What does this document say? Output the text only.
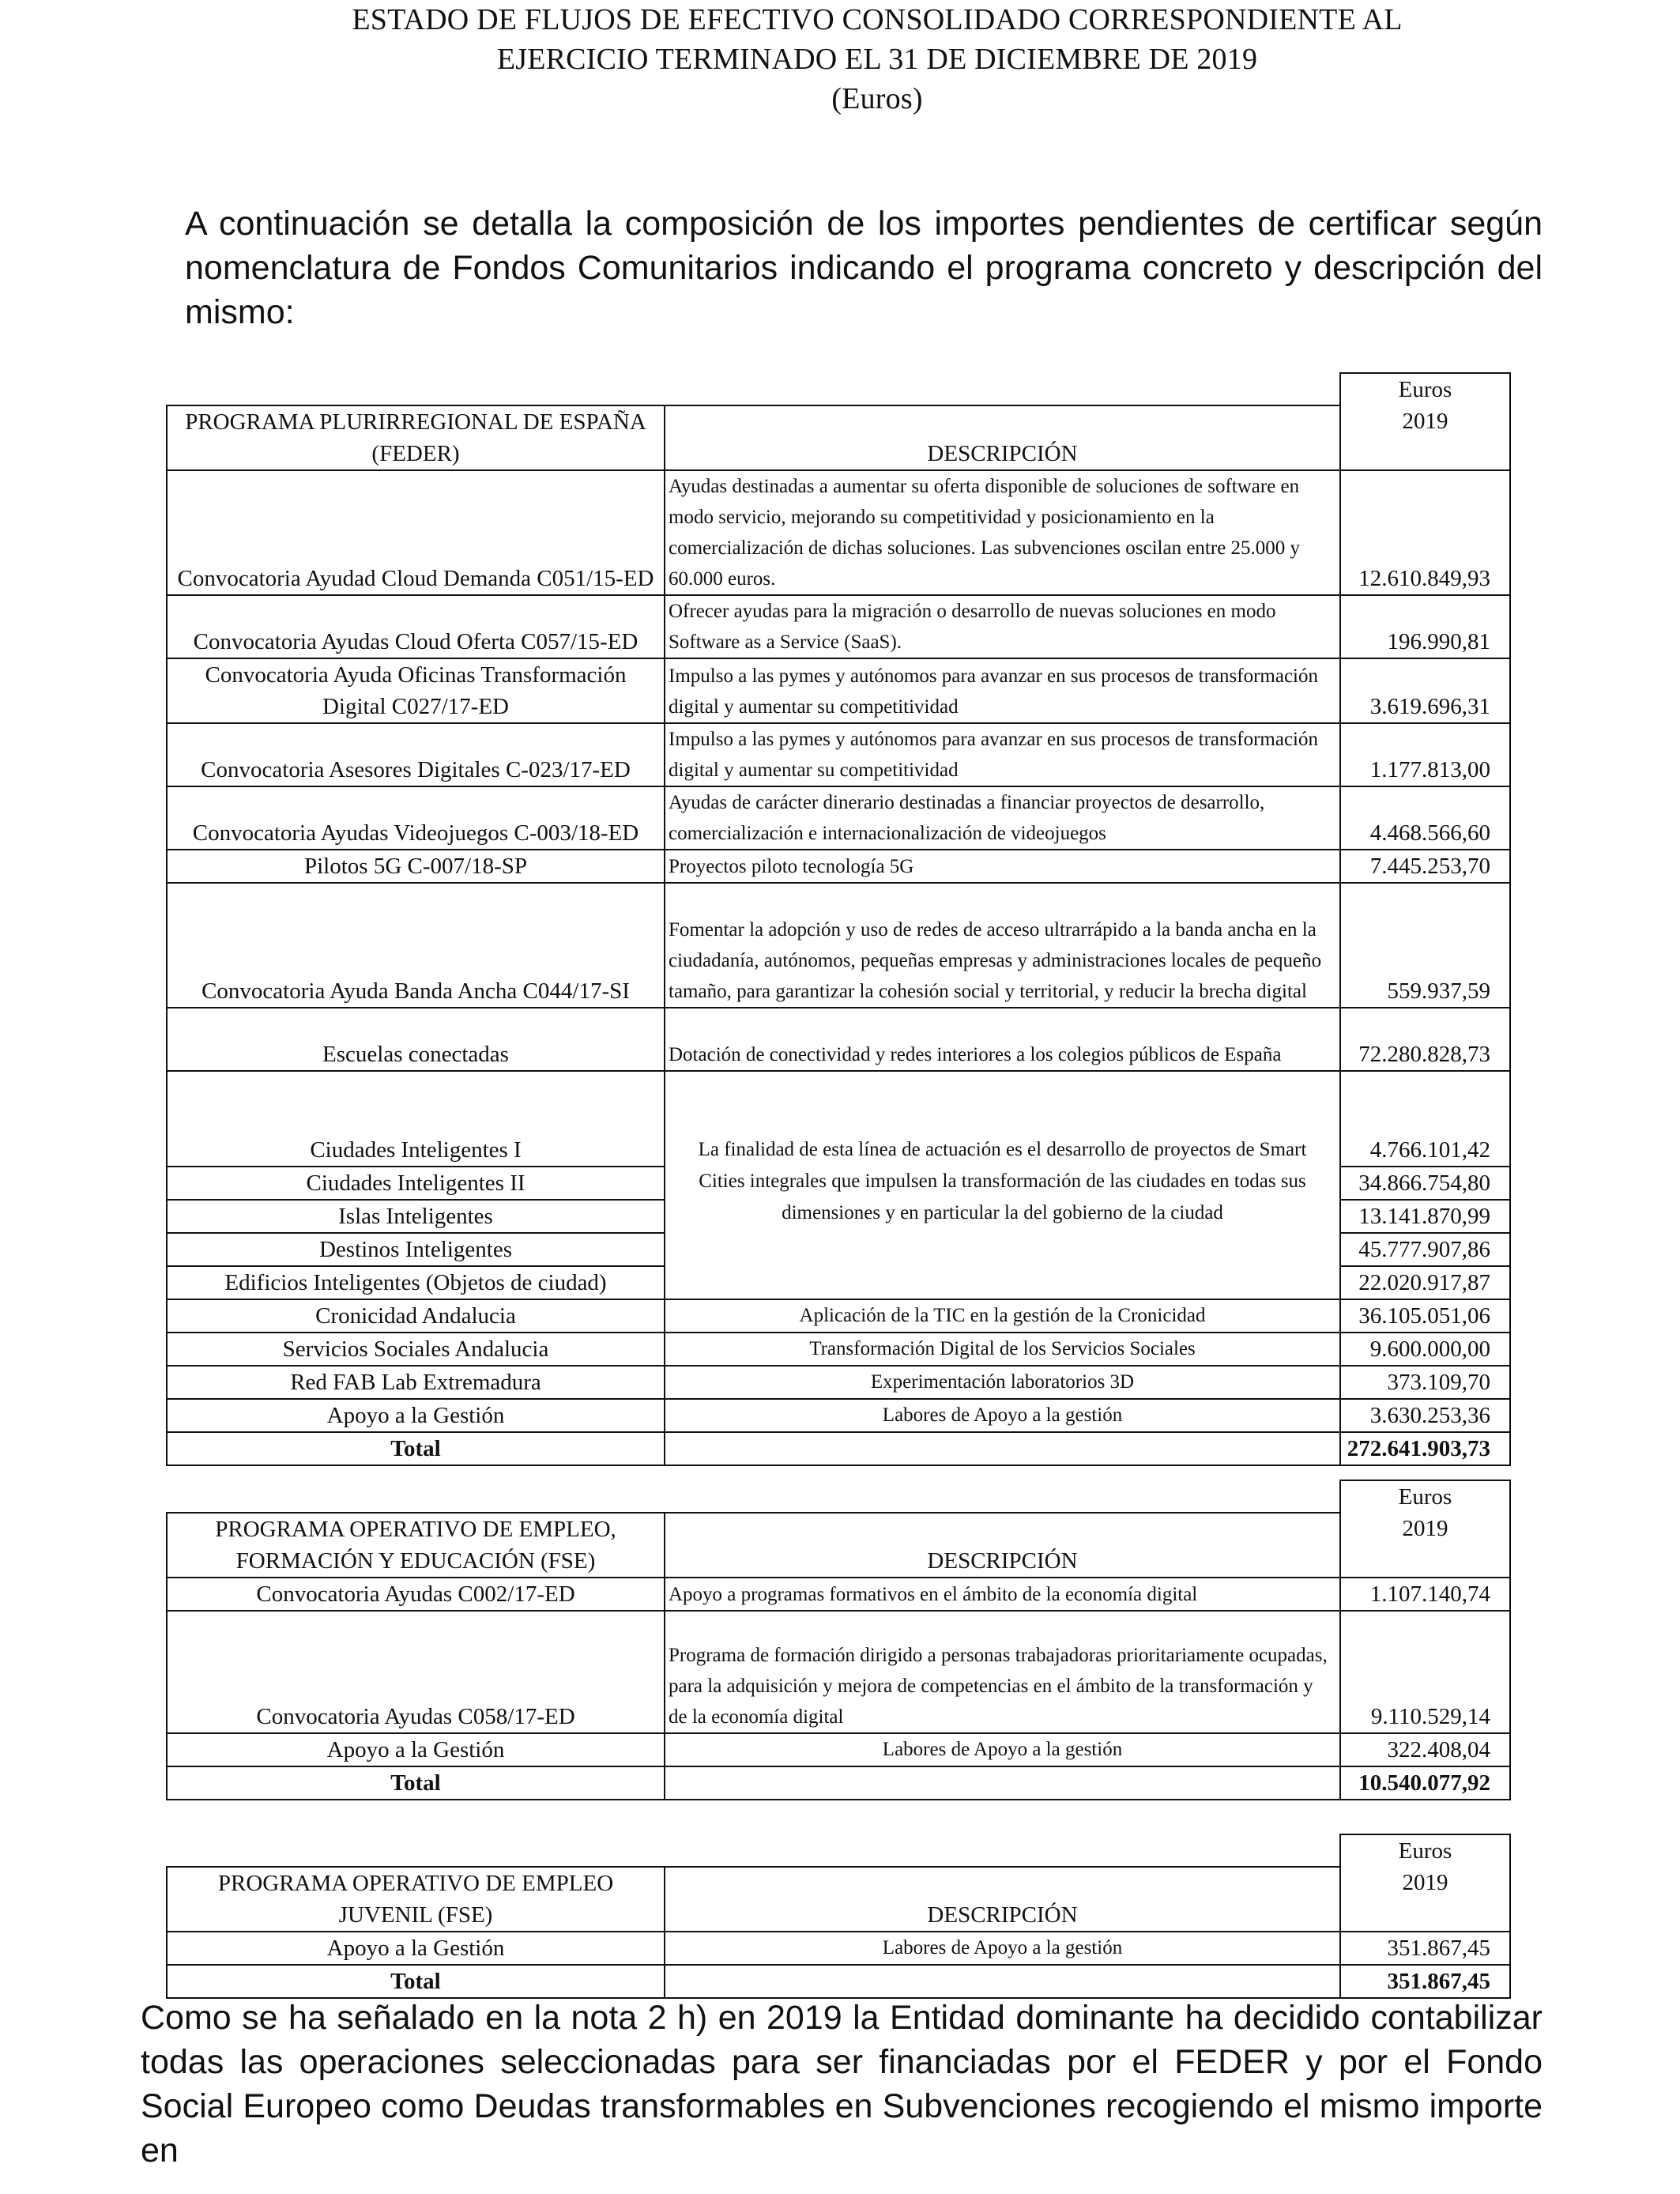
ESTADO DE FLUJOS DE EFECTIVO CONSOLIDADO CORRESPONDIENTE AL
EJERCICIO TERMINADO EL 31 DE DICIEMBRE DE 2019
(Euros)

A continuación se detalla la composición de los importes pendientes de certificar según nomenclatura de Fondos Comunitarios indicando el programa concreto y descripción del mismo:

		Euros
PROGRAMA PLURIRREGIONAL DE ESPAÑA (FEDER)	DESCRIPCIÓN	2019
Convocatoria Ayudad Cloud Demanda C051/15-ED	Ayudas destinadas a aumentar su oferta disponible de soluciones de software en modo servicio, mejorando su competitividad y posicionamiento en la comercialización de dichas soluciones. Las subvenciones oscilan entre 25.000 y 60.000 euros.	12.610.849,93
Convocatoria Ayudas Cloud Oferta C057/15-ED	Ofrecer ayudas para la migración o desarrollo de nuevas soluciones en modo Software as a Service (SaaS).	196.990,81
Convocatoria Ayuda Oficinas Transformación Digital C027/17-ED	Impulso a las pymes y autónomos para avanzar en sus procesos de transformación digital y aumentar su competitividad	3.619.696,31
Convocatoria Asesores Digitales C-023/17-ED	Impulso a las pymes y autónomos para avanzar en sus procesos de transformación digital y aumentar su competitividad	1.177.813,00
Convocatoria Ayudas Videojuegos C-003/18-ED	Ayudas de carácter dinerario destinadas a financiar proyectos de desarrollo, comercialización e internacionalización de videojuegos	4.468.566,60
Pilotos 5G C-007/18-SP	Proyectos piloto tecnología 5G	7.445.253,70
Convocatoria Ayuda Banda Ancha C044/17-SI	Fomentar la adopción y uso de redes de acceso ultrarrápido a la banda ancha en la ciudadanía, autónomos, pequeñas empresas y administraciones locales de pequeño tamaño, para garantizar la cohesión social y territorial, y reducir la brecha digital	559.937,59
Escuelas conectadas	Dotación de conectividad y redes interiores a los colegios públicos de España	72.280.828,73

Ciudades Inteligentes I	La finalidad de esta línea de actuación es el desarrollo de proyectos de Smart Cities integrales que impulsen la transformación de las ciudades en todas sus dimensiones y en particular la del gobierno de la ciudad	4.766.101,42
Ciudades Inteligentes II		34.866.754,80
Islas Inteligentes		13.141.870,99
Destinos Inteligentes		45.777.907,86
Edificios Inteligentes (Objetos de ciudad)		22.020.917,87
Cronicidad Andalucia	Aplicación de la TIC en la gestión de la Cronicidad	36.105.051,06
Servicios Sociales Andalucia	Transformación Digital de los Servicios Sociales	9.600.000,00
Red FAB Lab Extremadura	Experimentación laboratorios 3D	373.109,70
Apoyo a la Gestión	Labores de Apoyo a la gestión	3.630.253,36
Total		272.641.903,73
		Euros
PROGRAMA OPERATIVO DE EMPLEO, FORMACIÓN Y EDUCACIÓN (FSE)	DESCRIPCIÓN	2019
Convocatoria Ayudas C002/17-ED	Apoyo a programas formativos en el ámbito de la economía digital	1.107.140,74
Convocatoria Ayudas C058/17-ED	Programa de formación dirigido a personas trabajadoras prioritariamente ocupadas, para la adquisición y mejora de competencias en el ámbito de la transformación y de la economía digital	9.110.529,14
Apoyo a la Gestión	Labores de Apoyo a la gestión	322.408,04
Total		10.540.077,92
		Euros
PROGRAMA OPERATIVO DE EMPLEO JUVENIL (FSE)	DESCRIPCIÓN	2019
Apoyo a la Gestión	Labores de Apoyo a la gestión	351.867,45
Total		351.867,45

Como se ha señalado en la nota 2 h) en 2019 la Entidad dominante ha decidido contabilizar todas las operaciones seleccionadas para ser financiadas por el FEDER y por el Fondo Social Europeo como Deudas transformables en Subvenciones recogiendo el mismo importe en
